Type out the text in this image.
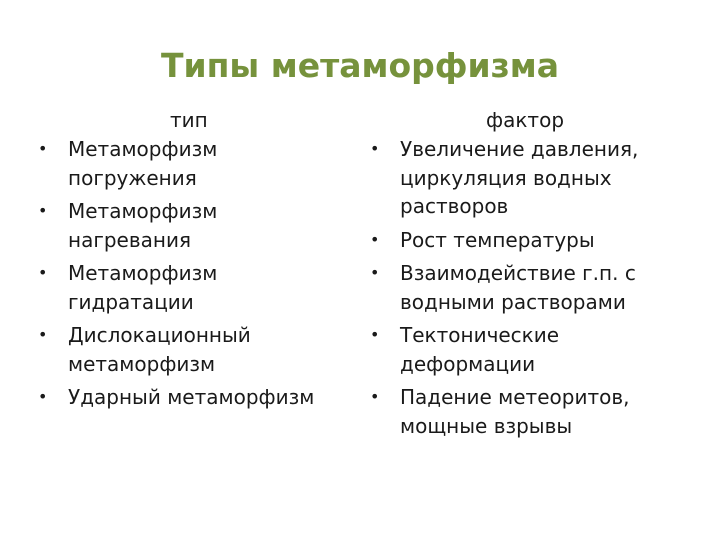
Типы метаморфизма
тип
• Метаморфизм погружения
• Метаморфизм нагревания
• Метаморфизм гидратации
• Дислокационный метаморфизм
• Ударный метаморфизм
фактор
• Увеличение давления, циркуляция водных растворов
• Рост температуры
• Взаимодействие г.п. с водными растворами
• Тектонические деформации
• Падение метеоритов, мощные взрывы
